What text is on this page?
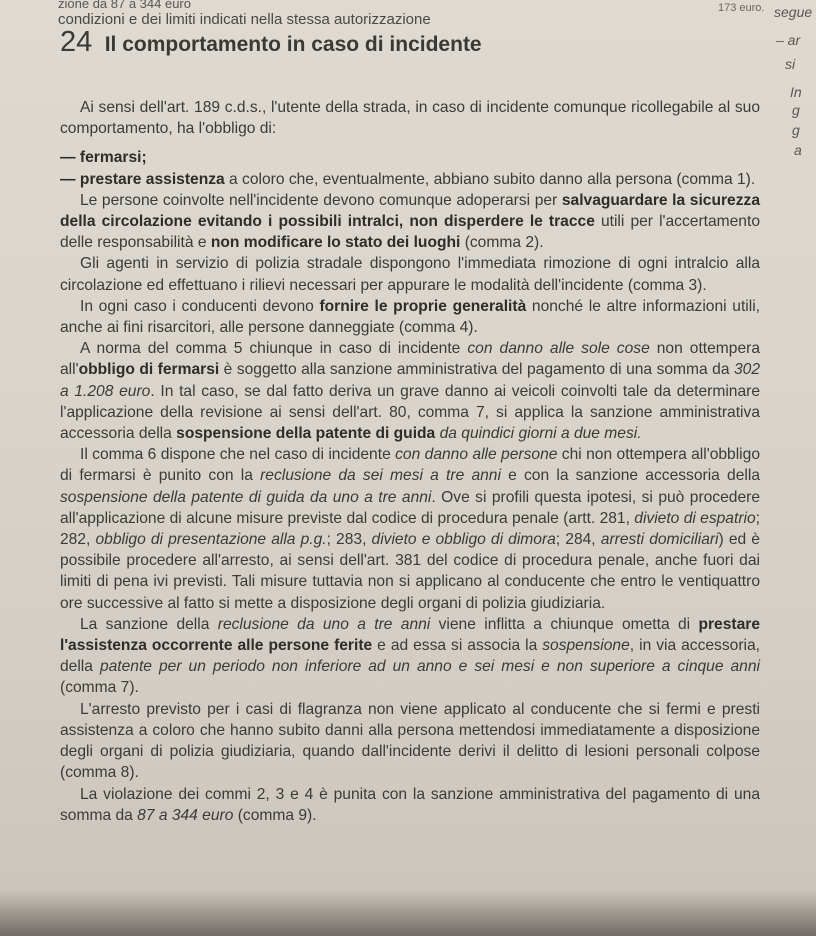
zione da 87 a 344 euro
condizioni e dei limiti indicati nella stessa autorizzazione
173 euro. segue
– ar
si
In
g
g
a
24 Il comportamento in caso di incidente

Ai sensi dell'art. 189 c.d.s., l'utente della strada, in caso di incidente comunque ricollegabile al suo comportamento, ha l'obbligo di:

— fermarsi;

— prestare assistenza a coloro che, eventualmente, abbiano subito danno alla persona (comma 1).

Le persone coinvolte nell'incidente devono comunque adoperarsi per salvaguardare la sicurezza della circolazione evitando i possibili intralci, non disperdere le tracce utili per l'accertamento delle responsabilità e non modificare lo stato dei luoghi (comma 2).

Gli agenti in servizio di polizia stradale dispongono l'immediata rimozione di ogni intralcio alla circolazione ed effettuano i rilievi necessari per appurare le modalità dell'incidente (comma 3).

In ogni caso i conducenti devono fornire le proprie generalità nonché le altre informazioni utili, anche ai fini risarcitori, alle persone danneggiate (comma 4).

A norma del comma 5 chiunque in caso di incidente con danno alle sole cose non ottempera all'obbligo di fermarsi è soggetto alla sanzione amministrativa del pagamento di una somma da 302 a 1.208 euro. In tal caso, se dal fatto deriva un grave danno ai veicoli coinvolti tale da determinare l'applicazione della revisione ai sensi dell'art. 80, comma 7, si applica la sanzione amministrativa accessoria della sospensione della patente di guida da quindici giorni a due mesi.

Il comma 6 dispone che nel caso di incidente con danno alle persone chi non ottempera all'obbligo di fermarsi è punito con la reclusione da sei mesi a tre anni e con la sanzione accessoria della sospensione della patente di guida da uno a tre anni. Ove si profili questa ipotesi, si può procedere all'applicazione di alcune misure previste dal codice di procedura penale (artt. 281, divieto di espatrio; 282, obbligo di presentazione alla p.g.; 283, divieto e obbligo di dimora; 284, arresti domiciliari) ed è possibile procedere all'arresto, ai sensi dell'art. 381 del codice di procedura penale, anche fuori dai limiti di pena ivi previsti. Tali misure tuttavia non si applicano al conducente che entro le ventiquattro ore successive al fatto si mette a disposizione degli organi di polizia giudiziaria.

La sanzione della reclusione da uno a tre anni viene inflitta a chiunque ometta di prestare l'assistenza occorrente alle persone ferite e ad essa si associa la sospensione, in via accessoria, della patente per un periodo non inferiore ad un anno e sei mesi e non superiore a cinque anni (comma 7).

L'arresto previsto per i casi di flagranza non viene applicato al conducente che si fermi e presti assistenza a coloro che hanno subito danni alla persona mettendosi immediatamente a disposizione degli organi di polizia giudiziaria, quando dall'incidente derivi il delitto di lesioni personali colpose (comma 8).

La violazione dei commi 2, 3 e 4 è punita con la sanzione amministrativa del pagamento di una somma da 87 a 344 euro (comma 9).
